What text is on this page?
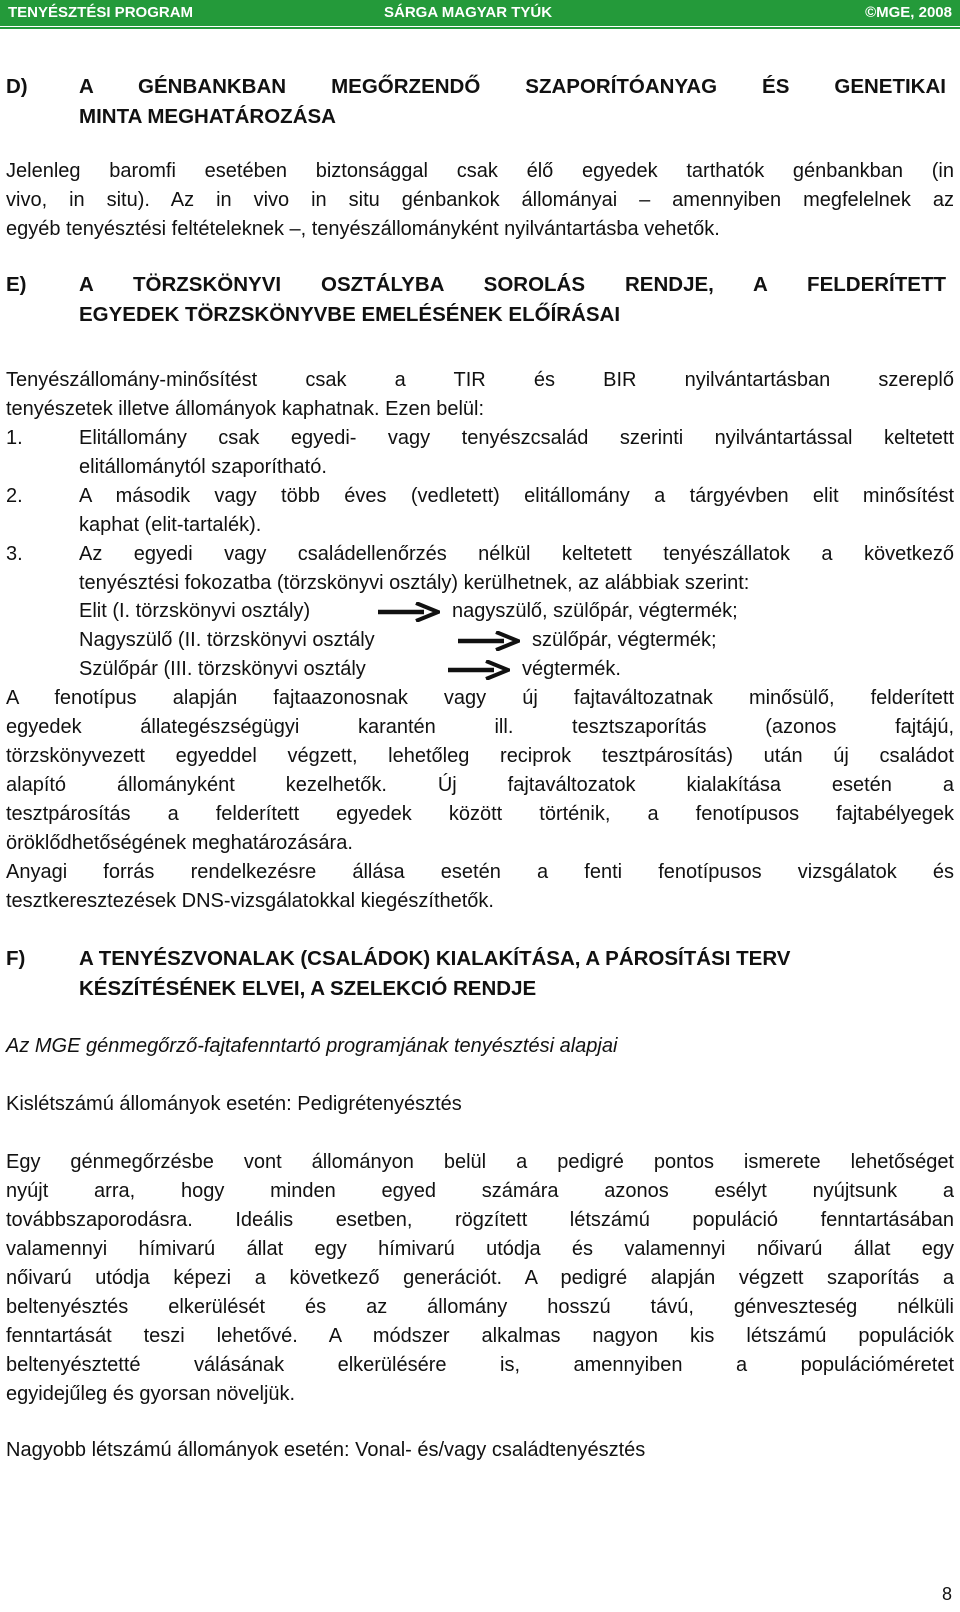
TENYÉSZTÉSI PROGRAM	SÁRGA MAGYAR TYÚK	©MGE, 2008
D)	A GÉNBANKBAN MEGŐRZENDŐ SZAPORÍTÓANYAG ÉS GENETIKAI
MINTA MEGHATÁROZÁSA
Jelenleg baromfi esetében biztonsággal csak élő egyedek tarthatók génbankban (in
vivo, in situ). Az in vivo in situ génbankok állományai – amennyiben megfelelnek az
egyéb tenyésztési feltételeknek –, tenyészállományként nyilvántartásba vehetők.
E)	A TÖRZSKÖNYVI OSZTÁLYBA SOROLÁS RENDJE, A FELDERÍTETT
EGYEDEK TÖRZSKÖNYVBE EMELÉSÉNEK ELŐÍRÁSAI
Tenyészállomány-minősítést csak a TIR és BIR nyilvántartásban szereplő
tenyészetek illetve állományok kaphatnak. Ezen belül:
1.	Elitállomány csak egyedi- vagy tenyészcsalád szerinti nyilvántartással keltetett
elitállománytól szaporítható.
2.	A második vagy több éves (vedletett) elitállomány a tárgyévben elit minősítést
kaphat (elit-tartalék).
3.	Az egyedi vagy családellenőrzés nélkül keltetett tenyészállatok a következő
tenyésztési fokozatba (törzskönyvi osztály) kerülhetnek, az alábbiak szerint:
Elit (I. törzskönyvi osztály)	nagyszülő, szülőpár, végtermék;
Nagyszülő (II. törzskönyvi osztály	szülőpár, végtermék;
Szülőpár (III. törzskönyvi osztály	végtermék.
A fenotípus alapján fajtaazonosnak vagy új fajtaváltozatnak minősülő, felderített
egyedek állategészségügyi karantén ill. tesztszaporítás (azonos fajtájú,
törzskönyvezett egyeddel végzett, lehetőleg reciprok tesztpárosítás) után új családot
alapító állományként kezelhetők. Új fajtaváltozatok kialakítása esetén a
tesztpárosítás a felderített egyedek között történik, a fenotípusos fajtabélyegek
öröklődhetőségének meghatározására.
Anyagi forrás rendelkezésre állása esetén a fenti fenotípusos vizsgálatok és
tesztkeresztezések DNS-vizsgálatokkal kiegészíthetők.
F)	A TENYÉSZVONALAK (CSALÁDOK) KIALAKÍTÁSA, A PÁROSÍTÁSI TERV
KÉSZÍTÉSÉNEK ELVEI, A SZELEKCIÓ RENDJE
Az MGE génmegőrző-fajtafenntartó programjának tenyésztési alapjai
Kislétszámú állományok esetén: Pedigrétenyésztés
Egy génmegőrzésbe vont állományon belül a pedigré pontos ismerete lehetőséget
nyújt arra, hogy minden egyed számára azonos esélyt nyújtsunk a
továbbszaporodásra. Ideális esetben, rögzített létszámú populáció fenntartásában
valamennyi hímivarú állat egy hímivarú utódja és valamennyi nőivarú állat egy
nőivarú utódja képezi a következő generációt. A pedigré alapján végzett szaporítás a
beltenyésztés elkerülését és az állomány hosszú távú, génveszteség nélküli
fenntartását teszi lehetővé. A módszer alkalmas nagyon kis létszámú populációk
beltenyésztetté válásának elkerülésére is, amennyiben a populációméretet
egyidejűleg és gyorsan növeljük.
Nagyobb létszámú állományok esetén: Vonal- és/vagy családtenyésztés
8
